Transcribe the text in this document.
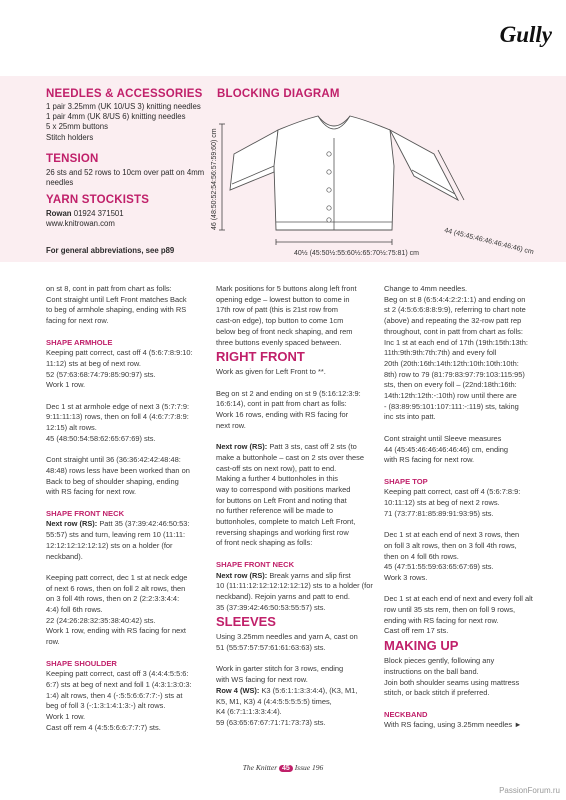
Gully
NEEDLES & ACCESSORIES
1 pair 3.25mm (UK 10/US 3) knitting needles
1 pair 4mm (UK 8/US 6) knitting needles
5 x 25mm buttons
Stitch holders
TENSION
26 sts and 52 rows to 10cm over patt on 4mm
needles
YARN STOCKISTS
Rowan 01924 371501
www.knitrowan.com
For general abbreviations, see p89
BLOCKING DIAGRAM
46 (48:50:52:54:56:57:59:60) cm
40½ (45:50½:55:60½:65:70½:75:81) cm	44 (45:45:46:46:46:46:46) cm

on st 8, cont in patt from chart as folls:

Cont straight until Left Front matches Back

to beg of armhole shaping, ending with RS

facing for next row.

SHAPE ARMHOLE

Keeping patt correct, cast off 4 (5:6:7:8:9:10:

11:12) sts at beg of next row.

52 (57:63:68:74:79:85:90:97) sts.

Work 1 row.

Dec 1 st at armhole edge of next 3 (5:7:7:9:

9:11:11:13) rows, then on foll 4 (4:6:7:7:8:9:

12:15) alt rows.

45 (48:50:54:58:62:65:67:69) sts.

Cont straight until 36 (36:36:42:42:48:48:

48:48) rows less have been worked than on

Back to beg of shoulder shaping, ending

with RS facing for next row.

SHAPE FRONT NECK

Next row (RS): Patt 35 (37:39:42:46:50:53:

55:57) sts and turn, leaving rem 10 (11:11:

12:12:12:12:12:12) sts on a holder (for

neckband).

Keeping patt correct, dec 1 st at neck edge

of next 6 rows, then on foll 2 alt rows, then

on 3 foll 4th rows, then on 2 (2:2:3:3:4:4:

4:4) foll 6th rows.

22 (24:26:28:32:35:38:40:42) sts.

Work 1 row, ending with RS facing for next

row.

SHAPE SHOULDER

Keeping patt correct, cast off 3 (4:4:4:5:5:6:

6:7) sts at beg of next and foll 1 (4:3:1:3:0:3:

1:4) alt rows, then 4 (-:5:5:6:6:7:7:-) sts at

beg of foll 3 (-:1:3:1:4:1:3:-) alt rows.

Work 1 row.

Cast off rem 4 (4:5:5:6:6:7:7:7) sts.

Mark positions for 5 buttons along left front

opening edge – lowest button to come in

17th row of patt (this is 21st row from

cast-on edge), top button to come 1cm

below beg of front neck shaping, and rem

three buttons evenly spaced between.

RIGHT FRONT

Work as given for Left Front to **.

Beg on st 2 and ending on st 9 (5:16:12:3:9:

16:6:14), cont in patt from chart as folls:

Work 16 rows, ending with RS facing for

next row.

Next row (RS): Patt 3 sts, cast off 2 sts (to

make a buttonhole – cast on 2 sts over these

cast-off sts on next row), patt to end.

Making a further 4 buttonholes in this

way to correspond with positions marked

for buttons on Left Front and noting that

no further reference will be made to

buttonholes, complete to match Left Front,

reversing shapings and working first row

of front neck shaping as folls:

SHAPE FRONT NECK

Next row (RS): Break yarns and slip first

10 (11:11:12:12:12:12:12:12) sts to a holder (for

neckband). Rejoin yarns and patt to end.

35 (37:39:42:46:50:53:55:57) sts.

SLEEVES

Using 3.25mm needles and yarn A, cast on

51 (55:57:57:57:61:61:63:63) sts.

Work in garter stitch for 3 rows, ending

with WS facing for next row.

Row 4 (WS): K3 (5:6:1:1:3:3:4:4), (K3, M1,

K5, M1, K3) 4 (4:4:5:5:5:5:5) times,

K4 (6:7:1:1:3:3:4:4).

59 (63:65:67:67:71:71:73:73) sts.

Change to 4mm needles.

Beg on st 8 (6:5:4:4:2:2:1:1) and ending on

st 2 (4:5:6:6:8:8:9:9), referring to chart note

(above) and repeating the 32-row patt rep

throughout, cont in patt from chart as folls:

Inc 1 st at each end of 17th (19th:15th:13th:

11th:9th:9th:7th:7th) and every foll

20th (20th:16th:14th:12th:10th:10th:10th:

8th) row to 79 (81:79:83:97:79:103:115:95)

sts, then on every foll – (22nd:18th:16th:

14th:12th:12th:-:10th) row until there are

- (83:89:95:101:107:111:-:119) sts, taking

inc sts into patt.

Cont straight until Sleeve measures

44 (45:45:46:46:46:46:46) cm, ending

with RS facing for next row.

SHAPE TOP

Keeping patt correct, cast off 4 (5:6:7:8:9:

10:11:12) sts at beg of next 2 rows.

71 (73:77:81:85:89:91:93:95) sts.

Dec 1 st at each end of next 3 rows, then

on foll 3 alt rows, then on 3 foll 4th rows,

then on 4 foll 6th rows.

45 (47:51:55:59:63:65:67:69) sts.

Work 3 rows.

Dec 1 st at each end of next and every foll alt

row until 35 sts rem, then on foll 9 rows,

ending with RS facing for next row.

Cast off rem 17 sts.

MAKING UP

Block pieces gently, following any

instructions on the ball band.

Join both shoulder seams using mattress

stitch, or back stitch if preferred.

NECKBAND

With RS facing, using 3.25mm needles ►

The Knitter 45 Issue 196
PassionForum.ru
